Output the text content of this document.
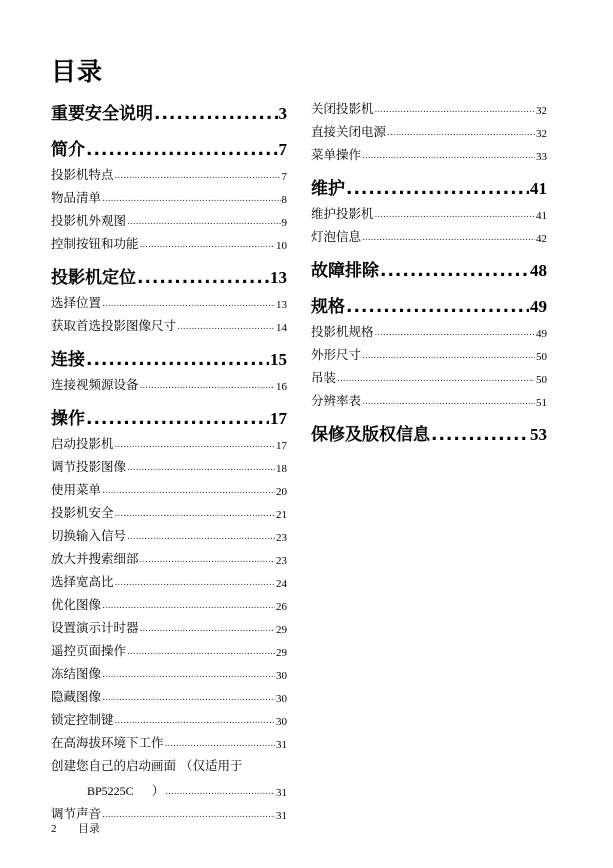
目录
重要安全说明 .....	3
简介 .....	7
投影机特点 .....	7
物品清单 .....	8
投影机外观图 .....	9
控制按钮和功能 .....	10
投影机定位 .....	13
选择位置 .....	13
获取首选投影图像尺寸 .....	14
连接 .....	15
连接视频源设备 .....	16
操作 .....	17
启动投影机 .....	17
调节投影图像 .....	18
使用菜单 .....	20
投影机安全 .....	21
切换输入信号 .....	23
放大并搜索细部 .....	23
选择宽高比 .....	24
优化图像 .....	26
设置演示计时器 .....	29
遥控页面操作 .....	29
冻结图像 .....	30
隐藏图像 .....	30
锁定控制键 .....	30
在高海拔环境下工作 .....	31
创建您自己的启动画面 （仅适用于
BP5225C	） .....	31
调节声音 .....	31
关闭投影机 .....	32
直接关闭电源 .....	32
菜单操作 .....	33
维护 .....	41
维护投影机 .....	41
灯泡信息 .....	42
故障排除 .....	48
规格 .....	49
投影机规格 .....	49
外形尺寸 .....	50
吊装 .....	50
分辨率表 .....	51
保修及版权信息 .....	53
2 目录
